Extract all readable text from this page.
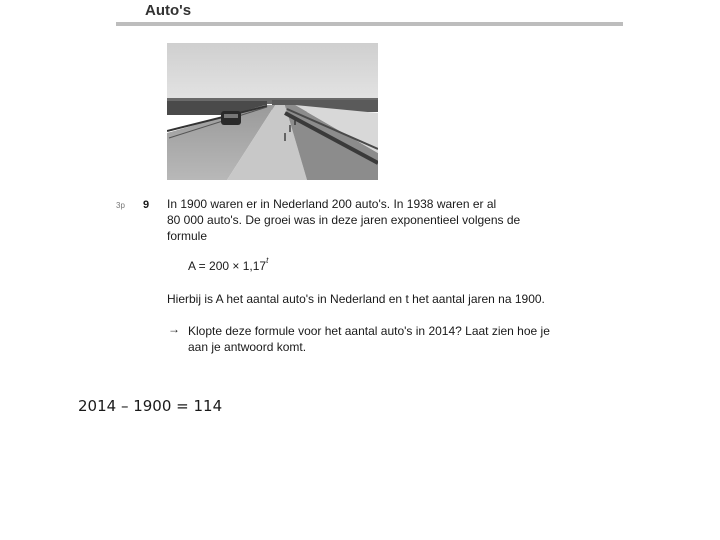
Auto's
3p 9 In 1900 waren er in Nederland 200 auto's. In 1938 waren er al
80 000 auto's. De groei was in deze jaren exponentieel volgens de
formule
$A = 200 \times 1,17^t$
Hierbij is A het aantal auto's in Nederland en t het aantal jaren na 1900.
→ Klopte deze formule voor het aantal auto's in 2014? Laat zien hoe je
aan je antwoord komt.
2014 – 1900 = 114
